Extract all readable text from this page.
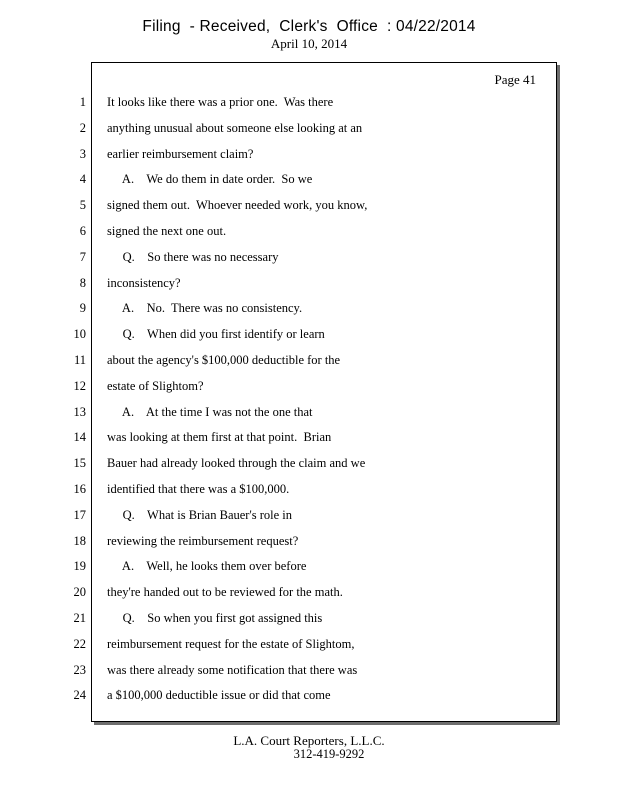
Filing  - Received,  Clerk's  Office  : 04/22/2014
April 10, 2014
Page 41
1
2
3
4
5
6
7
8
9
10
11
12
13
14
15
16
17
18
19
20
21
22
23
24
It looks like there was a prior one.  Was there
anything unusual about someone else looking at an
earlier reimbursement claim?
A.    We do them in date order.  So we
signed them out.  Whoever needed work, you know,
signed the next one out.
Q.    So there was no necessary
inconsistency?
A.    No.  There was no consistency.
Q.    When did you first identify or learn
about the agency's $100,000 deductible for the
estate of Slightom?
A.    At the time I was not the one that
was looking at them first at that point.  Brian
Bauer had already looked through the claim and we
identified that there was a $100,000.
Q.    What is Brian Bauer's role in
reviewing the reimbursement request?
A.    Well, he looks them over before
they're handed out to be reviewed for the math.
Q.    So when you first got assigned this
reimbursement request for the estate of Slightom,
was there already some notification that there was
a $100,000 deductible issue or did that come
L.A. Court Reporters, L.L.C.
312-419-9292
